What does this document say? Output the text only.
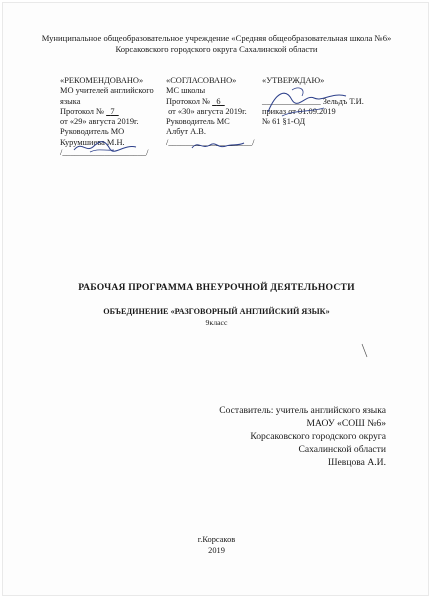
Муниципальное общеобразовательное учреждение «Средняя общеобразовательная школа №6»
Корсаковского городского округа Сахалинской области
«РЕКОМЕНДОВАНО»
МО учителей английского
языка
Протокол № 7
от «29» августа 2019г.
Руководитель МО
Курумшиева М.Н.
/____________________/
«СОГЛАСОВАНО»
МС школы
Протокол № 6
от «30» августа 2019г.
Руководитель МС
Албут А.В.
/____________________/
«УТВЕРЖДАЮ»

______________ Зельдъ Т.И.
приказ от 01.09.2019
№ 61 §1-ОД
РАБОЧАЯ ПРОГРАММА ВНЕУРОЧНОЙ ДЕЯТЕЛЬНОСТИ
ОБЪЕДИНЕНИЕ «РАЗГОВОРНЫЙ АНГЛИЙСКИЙ ЯЗЫК»
9класс
Составитель: учитель английского языка
МАОУ «СОШ №6»
Корсаковского городского округа
Сахалинской области
Шевцова А.И.
г.Корсаков
2019
